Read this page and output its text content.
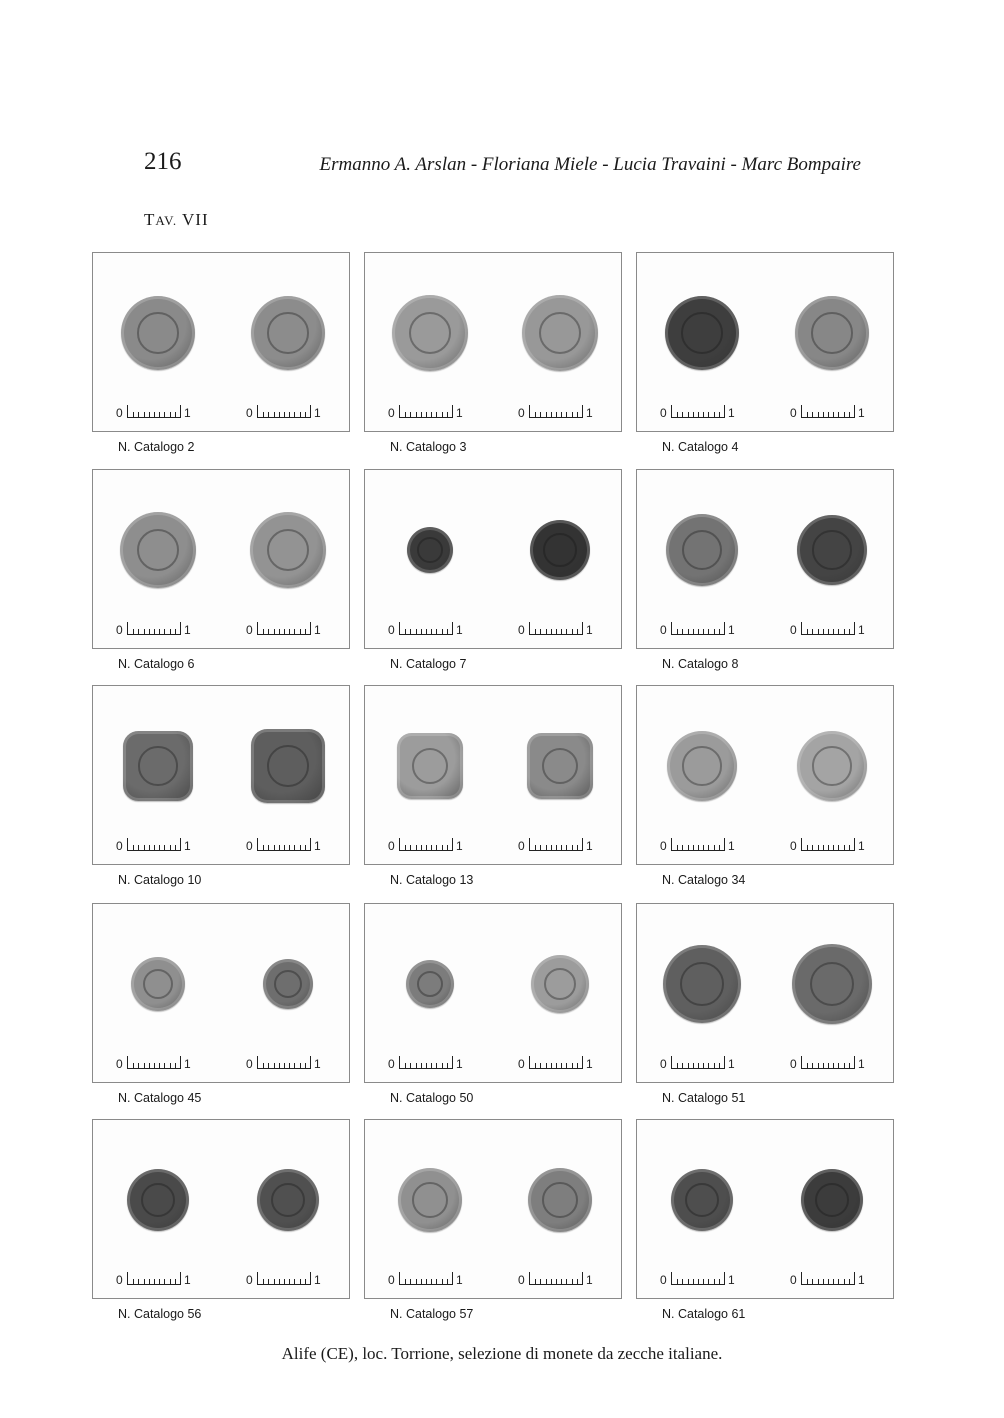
216	Ermanno A. Arslan - Floriana Miele - Lucia Travaini - Marc Bompaire
TAV. VII
0	1	0	1
N. Catalogo 2
0	1	0	1
N. Catalogo 3
0	1	0	1
N. Catalogo 4
0	1	0	1
N. Catalogo 6
0	1	0	1
N. Catalogo 7
0	1	0	1
N. Catalogo 8
0	1	0	1
N. Catalogo 10
0	1	0	1
N. Catalogo 13
0	1	0	1
N. Catalogo 34
0	1	0	1
N. Catalogo 45
0	1	0	1
N. Catalogo 50
0	1	0	1
N. Catalogo 51
0	1	0	1
N. Catalogo 56
0	1	0	1
N. Catalogo 57
0	1	0	1
N. Catalogo 61
Alife (CE), loc. Torrione, selezione di monete da zecche italiane.
